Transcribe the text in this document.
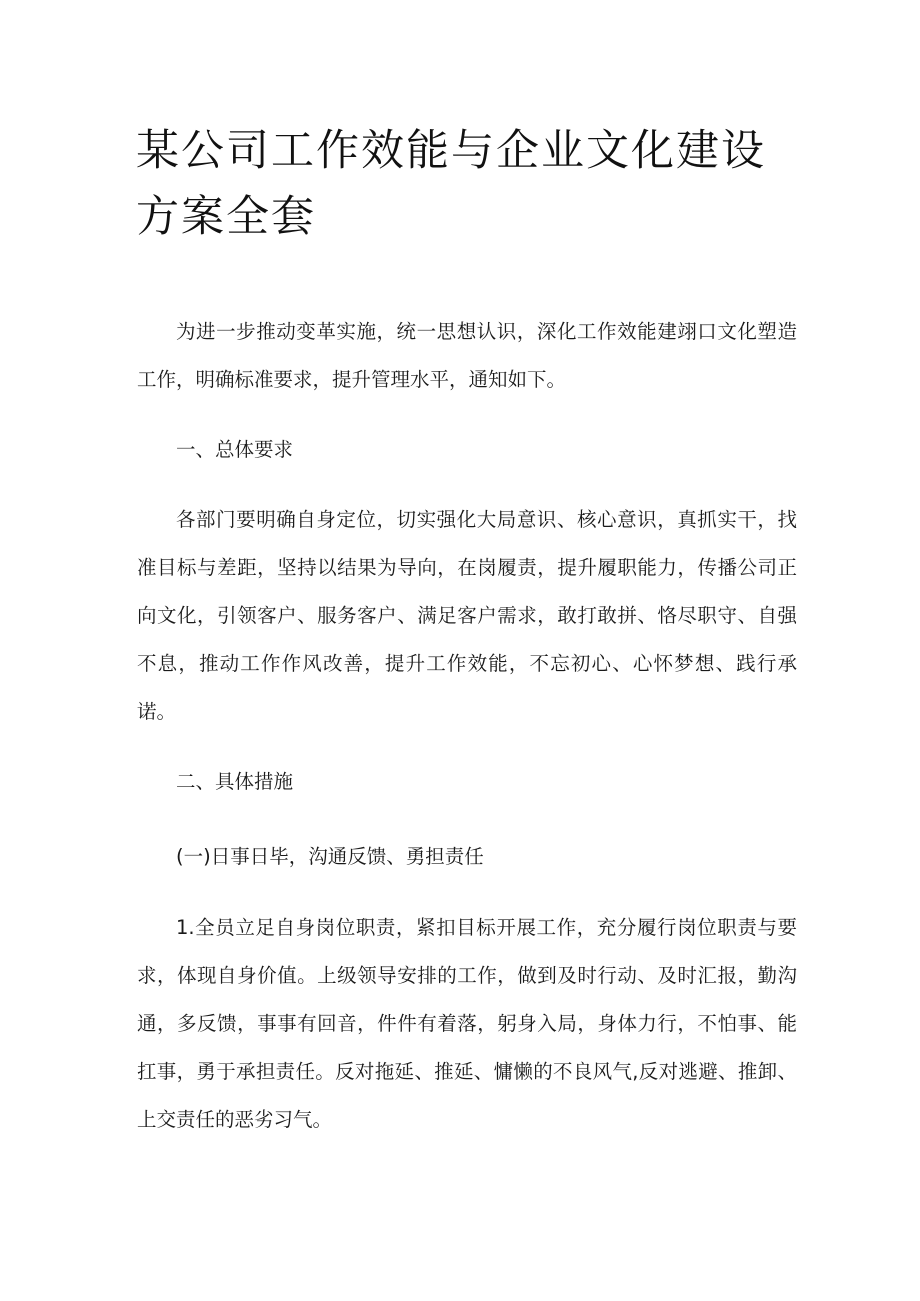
某公司工作效能与企业文化建设方案全套

为进一步推动变革实施，统一思想认识，深化工作效能建翊口文化塑造工作，明确标准要求，提升管理水平，通知如下。

一、总体要求

各部门要明确自身定位，切实强化大局意识、核心意识，真抓实干，找准目标与差距，坚持以结果为导向，在岗履责，提升履职能力，传播公司正向文化，引领客户、服务客户、满足客户需求，敢打敢拼、恪尽职守、自强不息，推动工作作风改善，提升工作效能，不忘初心、心怀梦想、践行承诺。

二、具体措施
(一)日事日毕，沟通反馈、勇担责任

1.全员立足自身岗位职责，紧扣目标开展工作，充分履行岗位职责与要求，体现自身价值。上级领导安排的工作，做到及时行动、及时汇报，勤沟通，多反馈，事事有回音，件件有着落，躬身入局，身体力行，不怕事、能扛事，勇于承担责任。反对拖延、推延、慵懒的不良风气,反对逃避、推卸、上交责任的恶劣习气。
